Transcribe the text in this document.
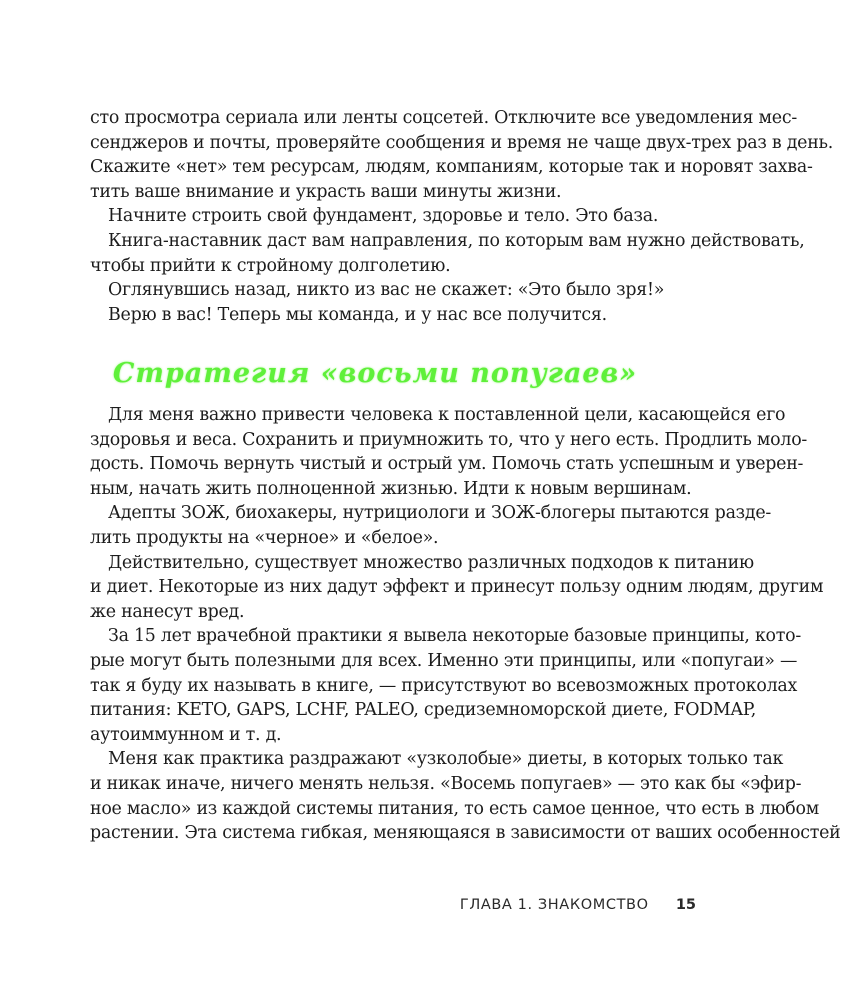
сто просмотра сериала или ленты соцсетей. Отключите все уведомления мес-
сенджеров и почты, проверяйте сообщения и время не чаще двух-трех раз в день.
Скажите «нет» тем ресурсам, людям, компаниям, которые так и норовят захва-
тить ваше внимание и украсть ваши минуты жизни.
Начните строить свой фундамент, здоровье и тело. Это база.
Книга-наставник даст вам направления, по которым вам нужно действовать,
чтобы прийти к стройному долголетию.
Оглянувшись назад, никто из вас не скажет: «Это было зря!»
Верю в вас! Теперь мы команда, и у нас все получится.
Стратегия «восьми попугаев»
Для меня важно привести человека к поставленной цели, касающейся его
здоровья и веса. Сохранить и приумножить то, что у него есть. Продлить моло-
дость. Помочь вернуть чистый и острый ум. Помочь стать успешным и уверен-
ным, начать жить полноценной жизнью. Идти к новым вершинам.
Адепты ЗОЖ, биохакеры, нутрициологи и ЗОЖ-блогеры пытаются разде-
лить продукты на «черное» и «белое».
Действительно, существует множество различных подходов к питанию
и диет. Некоторые из них дадут эффект и принесут пользу одним людям, другим
же нанесут вред.
За 15 лет врачебной практики я вывела некоторые базовые принципы, кото-
рые могут быть полезными для всех. Именно эти принципы, или «попугаи» —
так я буду их называть в книге, — присутствуют во всевозможных протоколах
питания: KETO, GAPS, LCHF, PALEO, средиземноморской диете, FODMAP,
аутоиммунном и т. д.
Меня как практика раздражают «узколобые» диеты, в которых только так
и никак иначе, ничего менять нельзя. «Восемь попугаев» — это как бы «эфир-
ное масло» из каждой системы питания, то есть самое ценное, что есть в любом
растении. Эта система гибкая, меняющаяся в зависимости от ваших особенностей
ГЛАВА 1. ЗНАКОМСТВО 15
